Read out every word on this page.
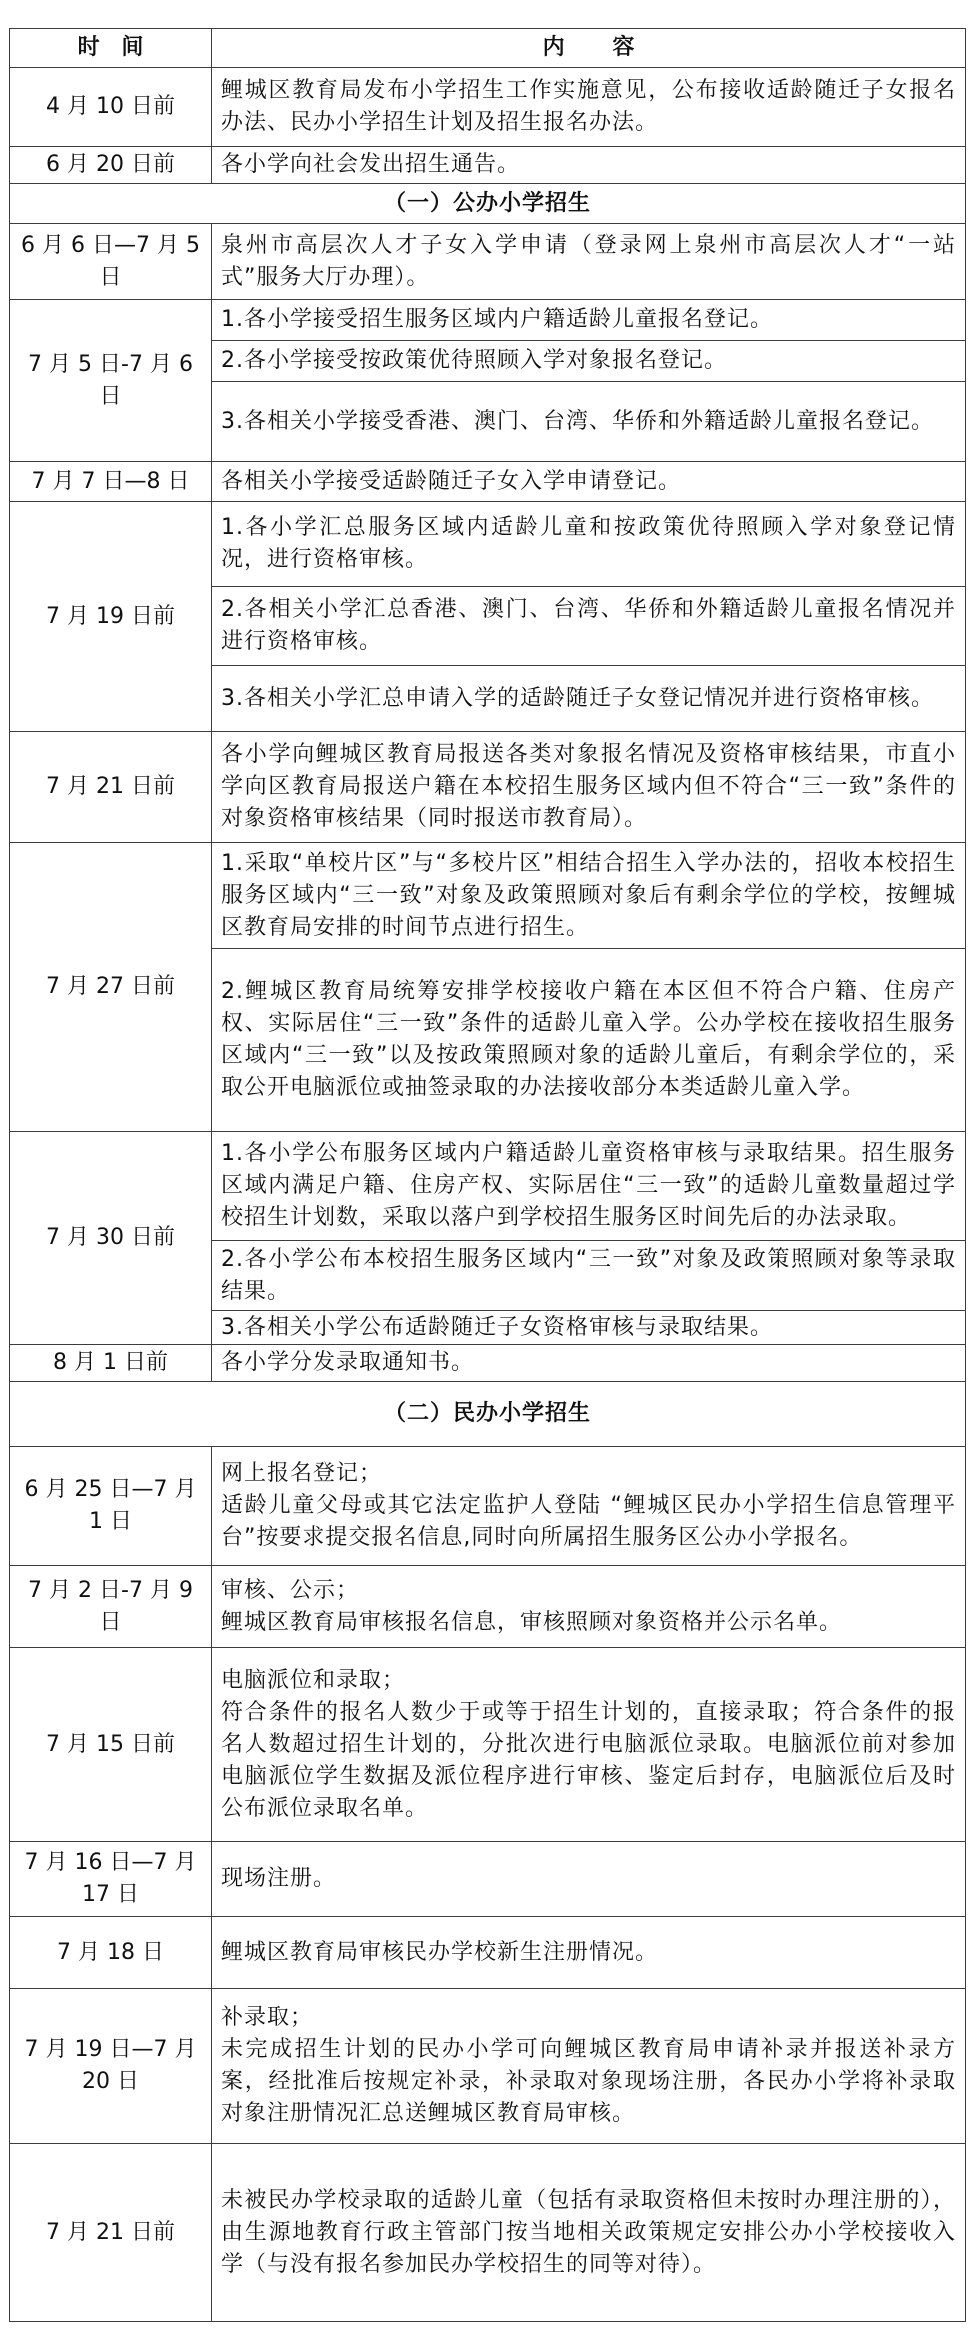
时 间	内 容
4 月 10 日前	鲤城区教育局发布小学招生工作实施意见，公布接收适龄随迁子女报名办法、民办小学招生计划及招生报名办法。
6 月 20 日前	各小学向社会发出招生通告。
（一）公办小学招生	
6 月 6 日—7 月 5 日	泉州市高层次人才子女入学申请（登录网上泉州市高层次人才“一站式”服务大厅办理）。
7 月 5 日-7 月 6 日	1.各小学接受招生服务区域内户籍适龄儿童报名登记。
	2.各小学接受按政策优待照顾入学对象报名登记。
	3.各相关小学接受香港、澳门、台湾、华侨和外籍适龄儿童报名登记。
7 月 7 日—8 日	各相关小学接受适龄随迁子女入学申请登记。
7 月 19 日前	1.各小学汇总服务区域内适龄儿童和按政策优待照顾入学对象登记情况，进行资格审核。
	2.各相关小学汇总香港、澳门、台湾、华侨和外籍适龄儿童报名情况并进行资格审核。
	3.各相关小学汇总申请入学的适龄随迁子女登记情况并进行资格审核。
7 月 21 日前	各小学向鲤城区教育局报送各类对象报名情况及资格审核结果，市直小学向区教育局报送户籍在本校招生服务区域内但不符合“三一致”条件的对象资格审核结果（同时报送市教育局）。
7 月 27 日前	1.采取“单校片区”与“多校片区”相结合招生入学办法的，招收本校招生服务区域内“三一致”对象及政策照顾对象后有剩余学位的学校，按鲤城区教育局安排的时间节点进行招生。
	2.鲤城区教育局统筹安排学校接收户籍在本区但不符合户籍、住房产权、实际居住“三一致”条件的适龄儿童入学。公办学校在接收招生服务区域内“三一致”以及按政策照顾对象的适龄儿童后，有剩余学位的，采取公开电脑派位或抽签录取的办法接收部分本类适龄儿童入学。
7 月 30 日前	1.各小学公布服务区域内户籍适龄儿童资格审核与录取结果。招生服务区域内满足户籍、住房产权、实际居住“三一致”的适龄儿童数量超过学校招生计划数，采取以落户到学校招生服务区时间先后的办法录取。
	2.各小学公布本校招生服务区域内“三一致”对象及政策照顾对象等录取结果。
	3.各相关小学公布适龄随迁子女资格审核与录取结果。
8 月 1 日前	各小学分发录取通知书。
（二）民办小学招生	
6 月 25 日—7 月 1 日	网上报名登记；
适龄儿童父母或其它法定监护人登陆 “鲤城区民办小学招生信息管理平台”按要求提交报名信息,同时向所属招生服务区公办小学报名。
7 月 2 日-7 月 9 日	审核、公示；
鲤城区教育局审核报名信息，审核照顾对象资格并公示名单。
7 月 15 日前	电脑派位和录取；
符合条件的报名人数少于或等于招生计划的，直接录取；符合条件的报名人数超过招生计划的，分批次进行电脑派位录取。电脑派位前对参加电脑派位学生数据及派位程序进行审核、鉴定后封存，电脑派位后及时公布派位录取名单。
7 月 16 日—7 月 17 日	现场注册。
7 月 18 日	鲤城区教育局审核民办学校新生注册情况。
7 月 19 日—7 月 20 日	补录取；
未完成招生计划的民办小学可向鲤城区教育局申请补录并报送补录方案，经批准后按规定补录，补录取对象现场注册，各民办小学将补录取对象注册情况汇总送鲤城区教育局审核。
7 月 21 日前	未被民办学校录取的适龄儿童（包括有录取资格但未按时办理注册的），由生源地教育行政主管部门按当地相关政策规定安排公办小学校接收入学（与没有报名参加民办学校招生的同等对待）。
